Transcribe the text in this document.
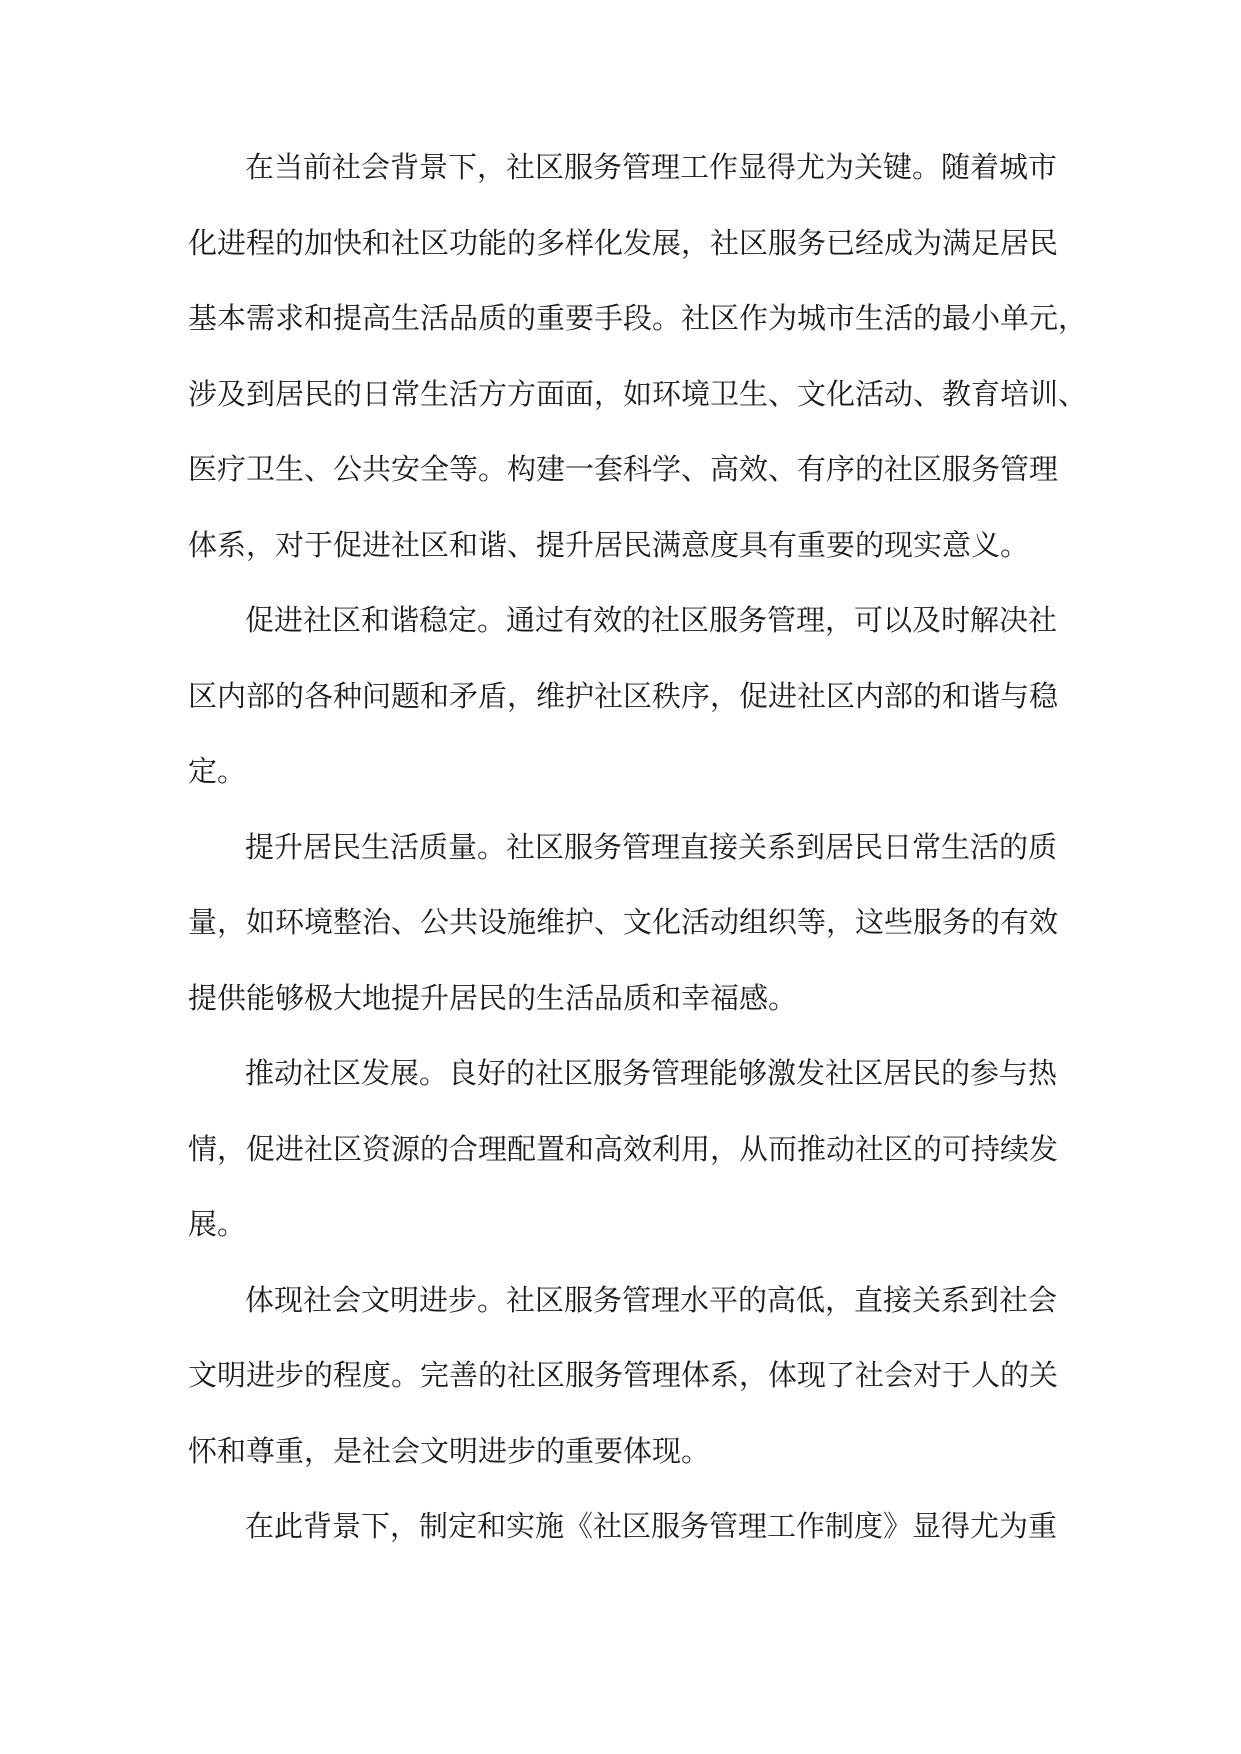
在当前社会背景下，社区服务管理工作显得尤为关键。随着城市
化进程的加快和社区功能的多样化发展，社区服务已经成为满足居民
基本需求和提高生活品质的重要手段。社区作为城市生活的最小单元，
涉及到居民的日常生活方方面面，如环境卫生、文化活动、教育培训、
医疗卫生、公共安全等。构建一套科学、高效、有序的社区服务管理
体系，对于促进社区和谐、提升居民满意度具有重要的现实意义。
促进社区和谐稳定。通过有效的社区服务管理，可以及时解决社
区内部的各种问题和矛盾，维护社区秩序，促进社区内部的和谐与稳
定。
提升居民生活质量。社区服务管理直接关系到居民日常生活的质
量，如环境整治、公共设施维护、文化活动组织等，这些服务的有效
提供能够极大地提升居民的生活品质和幸福感。
推动社区发展。良好的社区服务管理能够激发社区居民的参与热
情，促进社区资源的合理配置和高效利用，从而推动社区的可持续发
展。
体现社会文明进步。社区服务管理水平的高低，直接关系到社会
文明进步的程度。完善的社区服务管理体系，体现了社会对于人的关
怀和尊重，是社会文明进步的重要体现。
在此背景下，制定和实施《社区服务管理工作制度》显得尤为重
